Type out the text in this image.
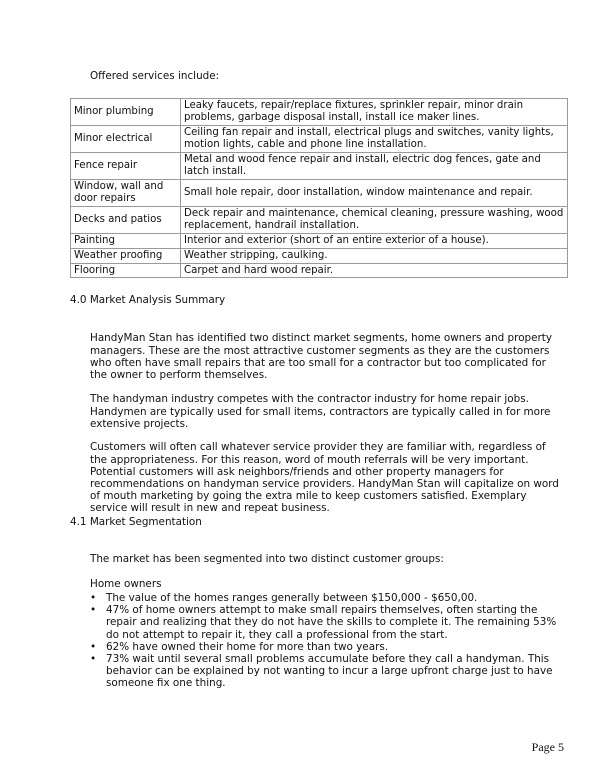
Offered services include:

Minor plumbing	Leaky faucets, repair/replace fixtures, sprinkler repair, minor drain problems, garbage disposal install, install ice maker lines.
Minor electrical	Ceiling fan repair and install, electrical plugs and switches, vanity lights, motion lights, cable and phone line installation.
Fence repair	Metal and wood fence repair and install, electric dog fences, gate and latch install.
Window, wall and door repairs	Small hole repair, door installation, window maintenance and repair.
Decks and patios	Deck repair and maintenance, chemical cleaning, pressure washing, wood replacement, handrail installation.
Painting	Interior and exterior (short of an entire exterior of a house).
Weather proofing	Weather stripping, caulking.
Flooring	Carpet and hard wood repair.

4.0 Market Analysis Summary

HandyMan Stan has identified two distinct market segments, home owners and property managers. These are the most attractive customer segments as they are the customers who often have small repairs that are too small for a contractor but too complicated for the owner to perform themselves.

The handyman industry competes with the contractor industry for home repair jobs. Handymen are typically used for small items, contractors are typically called in for more extensive projects.

Customers will often call whatever service provider they are familiar with, regardless of the appropriateness. For this reason, word of mouth referrals will be very important. Potential customers will ask neighbors/friends and other property managers for recommendations on handyman service providers. HandyMan Stan will capitalize on word of mouth marketing by going the extra mile to keep customers satisfied. Exemplary service will result in new and repeat business.

4.1 Market Segmentation

The market has been segmented into two distinct customer groups:

Home owners

• The value of the homes ranges generally between $150,000 - $650,00.
• 47% of home owners attempt to make small repairs themselves, often starting the repair and realizing that they do not have the skills to complete it. The remaining 53% do not attempt to repair it, they call a professional from the start.
• 62% have owned their home for more than two years.
• 73% wait until several small problems accumulate before they call a handyman. This behavior can be explained by not wanting to incur a large upfront charge just to have someone fix one thing.
Page 5
